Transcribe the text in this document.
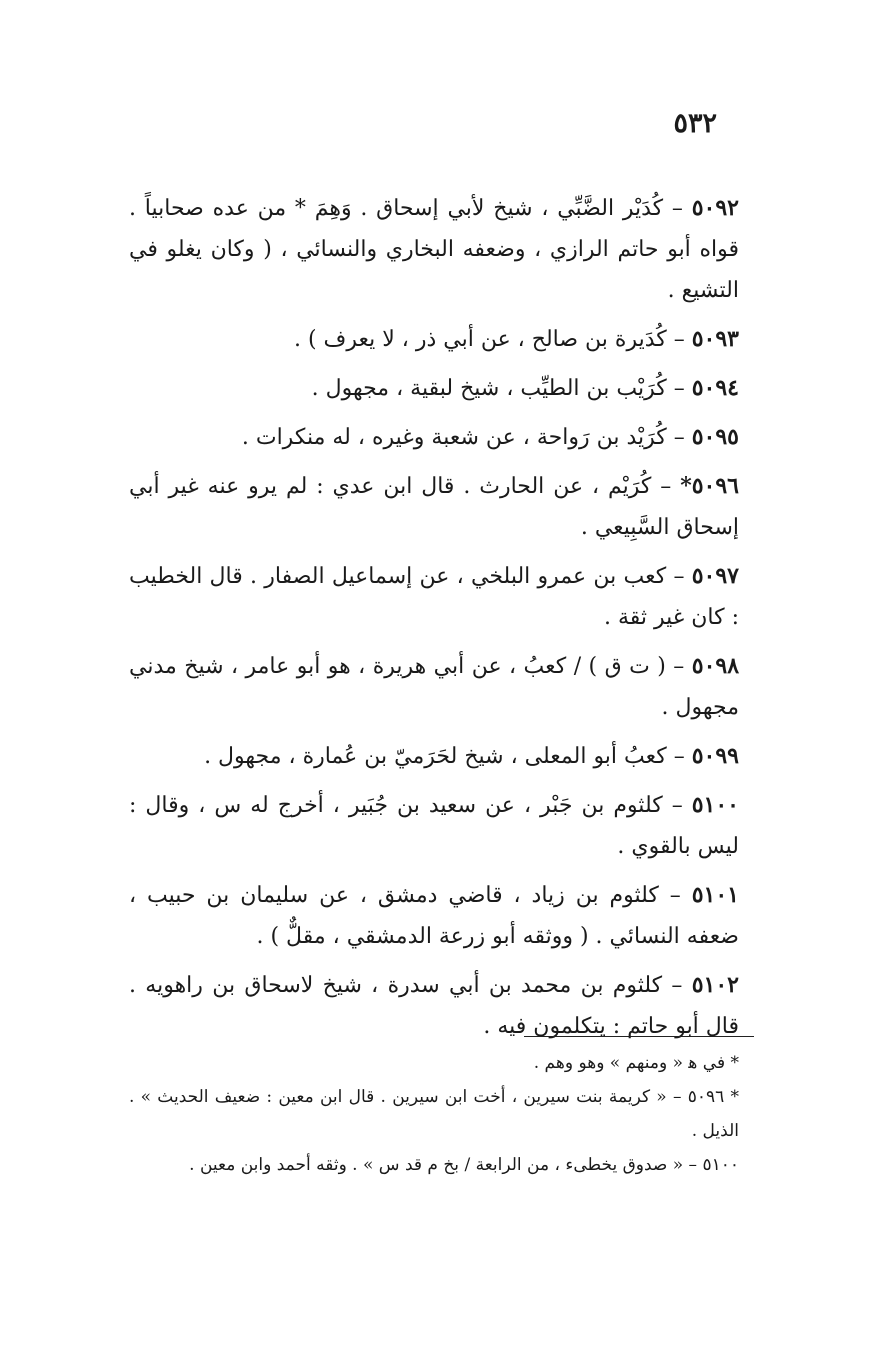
٥٣٢

٥٠٩٢ – كُدَيْر الضَّبِّي ، شيخ لأبي إسحاق . وَهِمَ * من عده صحابياً . قواه أبو حاتم الرازي ، وضعفه البخاري والنسائي ، ( وكان يغلو في التشيع .

٥٠٩٣ – كُدَيرة بن صالح ، عن أبي ذر ، لا يعرف ) .

٥٠٩٤ – كُرَيْب بن الطيِّب ، شيخ لبقية ، مجهول .

٥٠٩٥ – كُرَيْد بن رَواحة ، عن شعبة وغيره ، له منكرات .

٥٠٩٦* – كُرَيْم ، عن الحارث . قال ابن عدي : لم يرو عنه غير أبي إسحاق السَّبِيعي .

٥٠٩٧ – كعب بن عمرو البلخي ، عن إسماعيل الصفار . قال الخطيب : كان غير ثقة .

٥٠٩٨ – ( ت ق ) / كعبُ ، عن أبي هريرة ، هو أبو عامر ، شيخ مدني مجهول .

٥٠٩٩ – كعبُ أبو المعلى ، شيخ لحَرَميّ بن عُمارة ، مجهول .

٥١٠٠ – كلثوم بن جَبْر ، عن سعيد بن جُبَير ، أخرج له س ، وقال : ليس بالقوي .

٥١٠١ – كلثوم بن زياد ، قاضي دمشق ، عن سليمان بن حبيب ، ضعفه النسائي . ( ووثقه أبو زرعة الدمشقي ، مقلٌّ ) .

٥١٠٢ – كلثوم بن محمد بن أبي سدرة ، شيخ لاسحاق بن راهويه . قال أبو حاتم : يتكلمون فيه .

* في ﻫ « ومنهم » وهو وهم .

* ٥٠٩٦ – « كريمة بنت سيرين ، أخت ابن سيرين . قال ابن معين : ضعيف الحديث » . الذيل .

٥١٠٠ – « صدوق يخطىء ، من الرابعة / بخ م قد س » . وثقه أحمد وابن معين .
